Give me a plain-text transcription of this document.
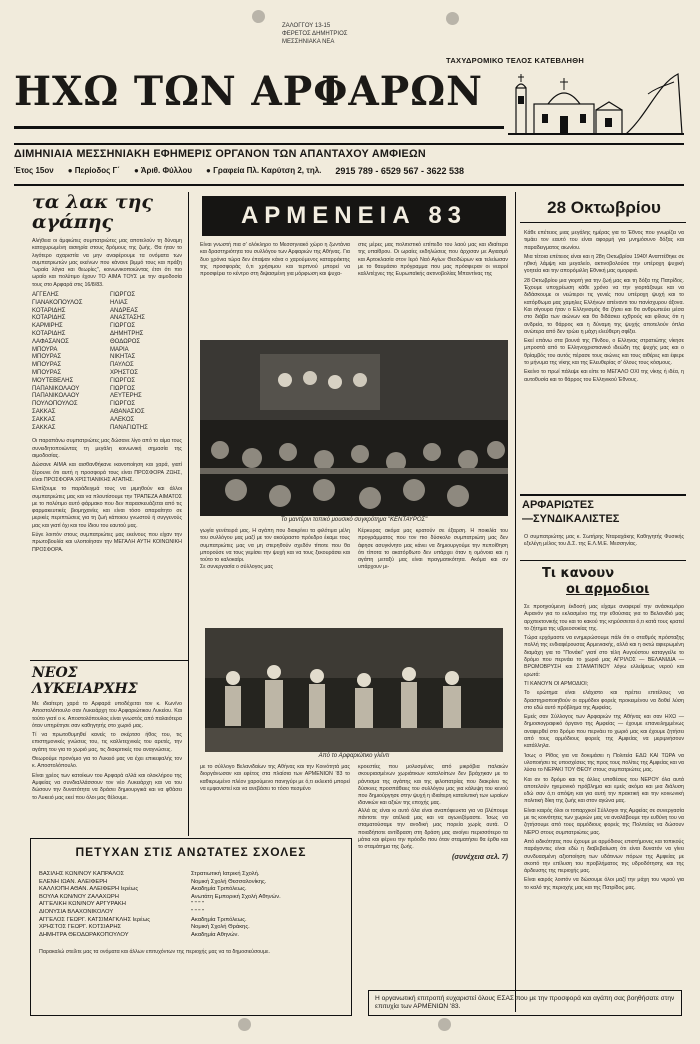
ΖΑΛΟΓΓΟΥ 13-15
ΦΕΡΕΤΟΣ ΔΗΜΗΤΡΙΟΣ
ΜΕΣΣΗΝΙΑΚΑ ΝΕΑ
ΤΑΧΥΔΡΟΜΙΚΟ ΤΕΛΟΣ ΚΑΤΕΒΛΗΘΗ
ΗΧΩ ΤΩΝ ΑΡΦΑΡΩΝ
ΔΙΜΗΝΙΑΙΑ ΜΕΣΣΗΝΙΑΚΗ ΕΦΗΜΕΡΙΣ ΟΡΓΑΝΟΝ ΤΩΝ ΑΠΑΝΤΑΧΟΥ ΑΜΦΙΕΩΝ
Έτος 15ον ● Περίοδος Γ΄ ● Άριθ. Φύλλου ● Γραφεία Πλ. Καρύτση 2, τηλ. 2915 789 - 6529 567 - 3622 538
τα λακ της αγάπης
Αλήθεια οι άμφιώτες συμπατριώτες μας αποτελούν τη δύναμη κατοχυρωμένη αισιηρία στους δρόμους της ζωής. Θα ήταν το λιγότερο αχαριστία να μην αναφέρουμε τα ονόματα των συμπατριωτών μας εκείνων που κάνανε βιμμό τους και πράξη "ωραία λόγια και θεωρίες", κοινωνικοποιώντας έτσι ότι πιο ωραίο και πολύτιμο έχουν ΤΟ ΑΙΜΑ ΤΟΥΣ με την αιμοδοσία τους στο Αρφαρά στις 16/8/83.
ΑΓΓΕΛΗΣ	ΓΙΩΡΓΟΣ
ΓΙΑΝΑΚΟΠΟΥΛΟΣ	ΗΛΙΑΣ
ΚΟΤΑΡΙΔΗΣ	ΑΝΔΡΕΑΣ
ΚΟΤΑΡΙΔΗΣ	ΑΝΑΣΤΑΣΗΣ
ΚΑΡΜΙΡΗΣ	ΓΙΩΡΓΟΣ
ΚΟΤΑΡΙΔΗΣ	ΔΗΜΗΤΡΗΣ
ΛΑΦΑΣΑΝΟΣ	ΘΟΔΩΡΟΣ
ΜΠΟΥΡΑ	ΜΑΡΙΑ
ΜΠΟΥΡΑΣ	ΝΙΚΗΤΑΣ
ΜΠΟΥΡΑΣ	ΠΑΥΛΟΣ
ΜΠΟΥΡΑΣ	ΧΡΗΣΤΟΣ
ΜΟΥΤΕΒΕΛΗΣ	ΓΙΩΡΓΟΣ
ΠΑΠΑΝΙΚΟΛΑΟΥ	ΓΙΩΡΓΟΣ
ΠΑΠΑΝΙΚΟΛΑΟΥ	ΛΕΥΤΕΡΗΣ
ΠΟΥΛΟΠΟΥΛΟΣ	ΓΙΩΡΓΟΣ
ΣΑΚΚΑΣ	ΑΘΑΝΑΣΙΟΣ
ΣΑΚΚΑΣ	ΑΛΕΚΟΣ
ΣΑΚΚΑΣ	ΠΑΝΑΓΙΩΤΗΣ
Οι παραπάνω συμπατριώτες μας δώσανε λίγο από το αίμα τους συνειδητοποιώντας τη μεγάλη κοινωνική σημασία της αιμοδοσίας.
Δώσανε ΑΙΜΑ και αισθανθήκανε ικανοποίηση και χαρά, γιατί ξέρουνε ότι αυτή η προσφορά τους είναι ΠΡΟΣΦΟΡΑ ΖΩΗΣ, είναι ΠΡΟΣΦΟΡΑ ΧΡΙΣΤΙΑΝΙΚΗΣ ΑΓΑΠΗΣ.
Ελπίζουμε το παράδειγμά τους να μιμηθούν και άλλοι συμπατριώτες μας και να πλουτίσουμε την ΤΡΑΠΕΖΑ ΑΙΜΑΤΟΣ με το πολύτιμο αυτό φάρμακο που δεν παρασκευάζεται από τις φαρμακευτικές βιομηχανίες και είναι τόσο απαραίτητο σε μερικές περιπτώσεις για τη ζωή κάποιου γνωστού ή συγγενούς μας και γιατί όχι και του ίδιου του εαυτού μας.
Εύγε λοιπόν στους συμπατριώτες μας εκείνους που είχαν την πρωτοβουλία και υλοποίησαν την ΜΕΓΑΛΗ ΑΥΤΗ ΚΟΙΝΩΝΙΚΗ ΠΡΟΣΦΟΡΑ.
ΝΕΟΣ
ΛΥΚΕΙΑΡΧΗΣ
Με ιδιαίτερη χαρά το Αρφαρά υποδέχεται τον κ. Κων/νο Αποστολόπουλο σαν Λυκειάρχη του Αρφαριώτικου Λυκείου. Και τούτο γιατί ο κ. Αποστολόπουλος είναι γνωστός από παλαιότερα όταν υπηρέτησε σαν καθηγητής στο χωριό μας.
Τί να πρωτοθυμηθεί κανείς το σκέρτσο ήθος του, τις επιστημονικές γνώσεις του, τις καλλιτεχνικές του αρετές, την αγάπη του για το χωριό μας, τις διακριτικές του αναγνώσεις.
Θεωρούμε προνόμιο για το Λυκειό μας να έχει επικεφαλής τον κ. Αποστολόπουλο.
Είναι χρέος των κατοίκων του Αρφαρά αλλά και ολοκλήρου της Αμφείας να συνδιαλλάσσουν τον νέο Λυκειάρχη και να του δώσουν την δυνατότητα να δράσει δημιουργικά και να φθάσει το Λυκειό μας εκεί που όλοι μας θέλουμε.
ΑΡΜΕΝΕΙΑ 83
Είναι γνωστή πια σ' ολόκληρο το Μεσσηνιακό χώρο η ζωντάνια και δραστηριότητα του συλλόγου των Αρφαριών της Αθήνας. Για δυο χρόνια τώρα δεν έπαψαν κάνα ο χαρούμενος καταρράκτης της προσφοράς ό,τι χρήσιμου και τερπνού μπορεί να προσφέρει το κέντρο στη διψασμένη για μόρφωση και ψυχα-
στις μέρες μας πολιτιστικό επίπεδο του λαού μας και ιδιαίτερα της υπαίθρου. Οι ωραίες εκδηλώσεις που άρχισαν με Αγιασμό και Αρτοκλασία στον Ιερό Ναό Αγίων Θεοδώρων και τελείωσαν με το θαυμάσιο πρόγραμμα που μας πρόσφεραν οι νεαροί καλλιτέχνες της Ευρωπαϊκής ακτινοβολίας Μπαντίνας της
Το μαντέρνι τοπικό μουσικό συγκρότημα "ΚΕΝΤΑΥΡΟΣ"
γωγία γενέτειρά μας. Η αγάπη που διακρίνει τα φιλότιμα μέλη του συλλόγου μας μαζί με τον ακούραστο πρόεδρο έκαμε τους συμπατριώτες μας να μη στερηθούν σχεδόν τίποτε που θα μπορούσε να τους γεμίσει την ψυχή και να τους ξεκουράσει και τούτο το καλοκαίρι.
Σε συνεργασία ο σύλλογος μας
Κέρκυρας ακόμα μας κρατούν σε έξαρση. Η ποικιλία του προγράμματος που τον πιο δύσκολο συμπατριώτη μας δεν άφησε ασυγκίνητο μας κάνει να δημιουργούμε την πεποίθηση ότι τίποτα το ακατόρθωτο δεν υπάρχει όταν η ομόνοια και η αγάπη μεταξύ μας είναι πραγματικότητα. Ακόμα και αν υπάρχουν μι-
Από το Αρφαριώτικο γλέντι
με το σύλλογο Βελανιδαίων της Αθήνας και την Κοινότητά μας διοργάνωσαν και εφέτος στα πλαίσια των ΑΡΜΕΝΙΩΝ '83 το καθιερωμένο πλέον χαρούμενο πανηγύρι με ό,τι εκλεκτό μπορεί να εμφανιστεί και να ανεβάσει το τόσο πεσμένο
κροεστίες που μολυσμένες από μικρόβια παλαιών σκουριασμένων χωριάτικων καταλοίπων δεν βράχηκαν με το ράντισμα της αγάπης και της φιλοπατρίας που διακρίνει τις δύσκνες προσπάθειες του συλλόγου μας για κάλυψη του κενού που δημιούργησε στην ψυχή η ιδιαίτερη καταλυτική των ωραίων ιδανικών και αξιών της εποχής μας.
Αλλά ας είναι κι αυτό όλα είναι αναπόφευκτα για να βλέπουμε πάντοτε την ατέλειά μας και να αγωνιζόμαστε. Ίσως να σταματούσαμε την ανοδική μας πορεία χωρίς αυτά. Ο ποιαδήποτε αντίδραση στη δράση μας ανοίγει περισσότερο τα μάτια και φέρνει την πρόοδο που όταν σταματήσει θα έρθει και το σταμάτημα της ζωής.
(συνέχεια σελ. 7)
ΠΕΤΥΧΑΝ ΣΤΙΣ ΑΝΩΤΑΤΕΣ ΣΧΟΛΕΣ
ΒΑΣΙΛΗΣ ΚΩΝ/ΝΟΥ ΚΑΠΡΑΛΟΣ	Στρατιωτική Ιατρική Σχολή.
ΕΛΕΝΗ ΙΩΑΝ. ΑΛΕΙΦΕΡΗ	Νομική Σχολή Θεσσαλονίκης.
ΚΑΛΛΙΟΠΗ ΑΘΑΝ. ΑΛΕΙΦΕΡΗ Ιερέως	Ακαδημία Τριπόλεως.
ΒΟΥΛΑ ΚΩΝ/ΝΟΥ ΖΑΛΑΧΩΡΗ	Ανωτάτη Εμπορική Σχολή Αθηνών.
ΑΓΓΕΛΙΚΗ ΚΩΝ/ΝΟΥ ΑΡΓΥΡΑΚΗ	" " " "
ΔΙΟΝΥΣΙΑ ΒΛΑΧΟΝΙΚΟΛΟΥ	" " " "
ΑΓΓΕΛΟΣ ΓΕΩΡΓ. ΚΑΤΣΙΜΑΓΚΛΗΣ Ιερέως	Ακαδημία Τριπόλεως.
ΧΡΗΣΤΟΣ ΓΕΩΡΓ. ΚΟΤΣΙΑΡΗΣ	Νομική Σχολή Θράκης.
ΔΗΜΗΤΡΑ ΘΕΟΔΩΡΑΚΟΠΟΥΛΟΥ	Ακαδημία Αθηνών.
Παρακαλώ στείλτε μας τα ονόματα και άλλων επιτυχόντων της περιοχής μας να τα δημοσιεύσουμε.
Η οργανωτική επιτροπή ευχαριστεί όλους ΕΣΑΣ που με την προσφορά και αγάπη σας βοηθήσατε στην επιτυχία των ΑΡΜΕΝΙΩΝ '83.
28 Οκτωβρίου
Κάθε επέτειος μιας μεγάλης ημέρας για το Έθνος που γνωρίζει να τιμάει τον εαυτό του είναι αφορμή για μνημόσυνο δόξας και παραδειγματος αιωνίου.
Μια τέτοια επέτειος είναι και η 28η Οκτωβρίου 1940! Αναπτέθηκε σε ηθική λάμψη και μεγαλείο, ακτινοβολούσε την υπέροχη ψυχική γοητεία και την απορόμιλλη Εθνική μας ομορφιά.
28 Οκτωβρίου μια γιορτή για την ζωή μας και τη δόξα της Πατρίδος. Έχουμε υποχρέωση κάθε χρόνο να την γιορτάζουμε και να διδάσκουμε οι νεώτεροι τις γενιές που υπέροχη ψυχή και το κατόρθωμα μας χαμηλες Ελλήνων απέναντι του πανίσχυρου άξονα. Και σίγουρα ήταν ο Ελληνισμός θα ζήσει και θα ανθρωπεύει μέσα στο διάβα των αιώνων και θα διδάσκει εχθρούς και φίλους ότι η ανδρεία, το θάρρος και η δύναμη της ψυχής αποτελούν όπλα ανώτερα από δεν τρώει η μάχη ελεύθερη σφίξει.
Εκεί επάνω στα βουνά της Πίνδου, ο Ελληνας στρατιώτης νίκησε μπροστά από το Ελληνοχριστιανικό ιδεώδη της ψυχής μας και ο θρίαμβός του αυτός πέρασε τους αιώνες και τους αιθέρες και έφερε το μήνυμα της νίκης και της Ελευθερίας σ' όλους τους κόσμους.
Εκείνο το πρωί πάλεψε και είπε το ΜΕΓΑΛΟ ΟΧΙ της νίκης ή ιδέα, η αυτοθυσία και το θάρρος του Ελληνικού Έθνους.
ΑΡΦΑΡΙΩΤΕΣ
—ΣΥΝΔΙΚΑΛΙΣΤΕΣ
Ο συμπατριώτης μας κ. Σωτήρης Νταραχάκης Καθηγητής Φυσικής εξελέγη μέλος του Δ.Σ. της Ε.Λ.Μ.Ε. Μεσσηνίας.
Τι κανουν
οι αρμοδιοι
Σε προηγούμενη έκδοσή μας είχαμε αναφερεί την ανάσκεμόρο Αιρανόν για το εκλασμένο της την εθούσιας για το Βελανιδιό μας αρχιτεκτονικής του και το κακού της κηρύσσεται ό,τι κατά τους κρατεί το ζήτημα της υβρεοσοκίας της.
Τώρα ερχόμαστε να ενημερώσουμε πάλι ότι ο σταθμός πρόσταξης πολλή της ενδιαφέρουσας Αρμενιακής, αλλά και η οκτώ αφιερωμένη διαμάχη για το "Πονάκι" γιατί στο τέλη Αυγούστου καταγγείλε το δρόμο που περνάει το χωριό μας ΑΓΡΙΛΟΣ — ΒΕΛΑΝΙΔΙΑ — ΒΡΩΜΟΒΡΥΣΗ και ΣΤΑΜΑΤΙΝΟΥ λόγω ελλείψεως νερού και ερωτά:
ΤΙ ΚΑΝΟΥΝ ΟΙ ΑΡΜΟΔΙΟΙ;
Το ερώτημα είναι ελάχιστο και πρέπει επιτέλους να δραστηριοποιηθούν οι αρμόδιοι φορείς προκειμένου να δοθεί λύση στο εδώ αυτό πρόβλημα της Αμφείας.
Εμείς σαν Σύλλογος των Αρφαριών της Αθήνας και σαν ΗΧΩ — δημοσιογραφικό όργανο της Αμφείας — έχουμε επανειλημμένως αναφερθεί στο δρόμο που περνάει το χωριό μας και έχουμε ζητήσει από τους αρμόδιους φορείς της Αμφείας να μεριμνήσουν κατάλληλα.
Ίσως ο Ρίθος για να δοκιμάσει η Πολιτεία ΕΔΩ ΚΑΙ ΤΩΡΑ να υλοποιήσει τις υποσχέσεις της προς τους πολίτες της Αμφείας και να λύσει το ΝΕΡΑΚΙ ΤΟΥ ΘΕΟΥ στους συμπατριώτες μας.
Και αν το δρόμο και τις άλλες υποθέσεις του ΝΕΡΟΥ όλα αυτά αποτελούν ηγεμονικό πρόβλημα και εμείς ακόμα και μια διάλυση εδώ σαν ό,τι απόψη και για αυτή την πρακτική και την κοινωνική πολιτική δίκη της ζωής και στον αγώνα μας.
Είναι καιρός όλοι οι τοπαρχικοί Σύλλογοι της Αμφείας σε συνεργασία με τις κοινότητες των χωριών μας να αναλάβουμε την ευθύνη του να ζητήσουμε από τους αρμόδιους φορείς της Πολιτείας να δώσουν ΝΕΡΟ στους συμπατριώτες μας.
Από ειδικότητας που έχουμε με αρμόδιους επιστήμονες και τοπικούς παράγοντες είναι εδώ η διαβεβαίωση ότι είναι δυνατόν να γίνει συνδυασμένη αξιοποίηση των υδάτινων πόρων της Αμφείας με σκοπό την επίλυση του προβλήματος της υδροδότησης και της άρδευσης της περιοχής μας.
Είναι καιρός λοιπόν να δώσουμε όλοι μαζί την μάχη του νερού για το καλό της περιοχής μας και της Πατρίδος μας.
